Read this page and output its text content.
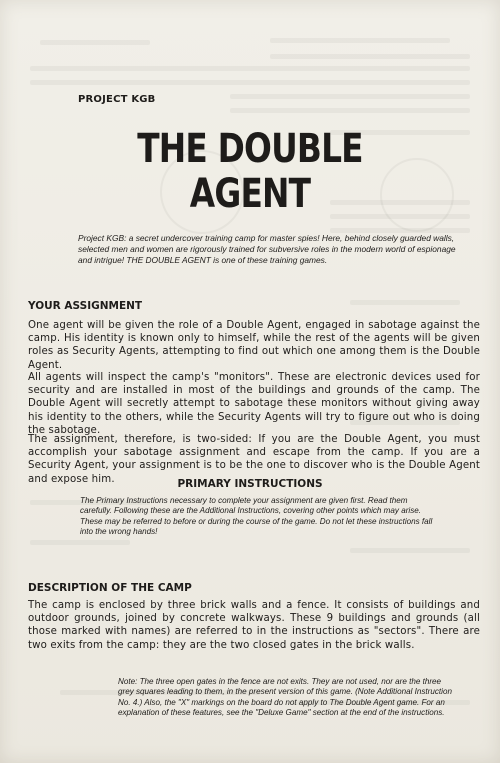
PROJECT KGB
THE DOUBLE
AGENT
Project KGB: a secret undercover training camp for master spies! Here, behind closely guarded walls, selected men and women are rigorously trained for subversive roles in the modern world of espionage and intrigue! THE DOUBLE AGENT is one of these training games.
YOUR ASSIGNMENT
One agent will be given the role of a Double Agent, engaged in sabotage against the camp. His identity is known only to himself, while the rest of the agents will be given roles as Security Agents, attempting to find out which one among them is the Double Agent.
All agents will inspect the camp's "monitors". These are electronic devices used for security and are installed in most of the buildings and grounds of the camp. The Double Agent will secretly attempt to sabotage these monitors without giving away his identity to the others, while the Security Agents will try to figure out who is doing the sabotage.
The assignment, therefore, is two-sided: If you are the Double Agent, you must accomplish your sabotage assignment and escape from the camp. If you are a Security Agent, your assignment is to be the one to discover who is the Double Agent and expose him.	PRIMARY INSTRUCTIONS
The Primary Instructions necessary to complete your assignment are given first. Read them carefully. Following these are the Additional Instructions, covering other points which may arise. These may be referred to before or during the course of the game. Do not let these instructions fall into the wrong hands!
DESCRIPTION OF THE CAMP
The camp is enclosed by three brick walls and a fence. It consists of buildings and outdoor grounds, joined by concrete walkways. These 9 buildings and grounds (all those marked with names) are referred to in the instructions as "sectors". There are two exits from the camp: they are the two closed gates in the brick walls.
Note: The three open gates in the fence are not exits. They are not used, nor are the three grey squares leading to them, in the present version of this game. (Note Additional Instruction No. 4.) Also, the "X" markings on the board do not apply to The Double Agent game. For an explanation of these features, see the "Deluxe Game" section at the end of the instructions.
